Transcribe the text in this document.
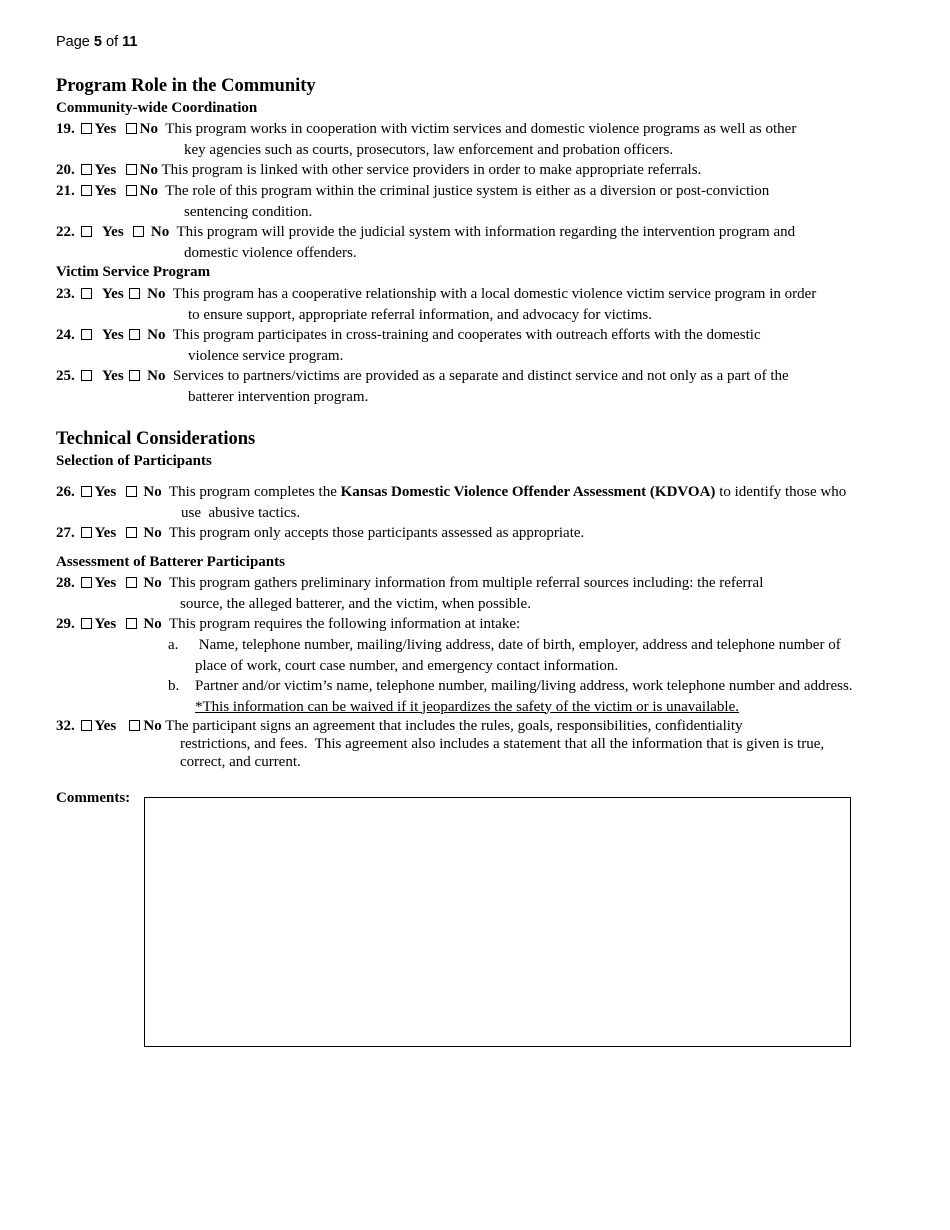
Page 5 of 11
Program Role in the Community
Community-wide Coordination
19. Yes No This program works in cooperation with victim services and domestic violence programs as well as other
key agencies such as courts, prosecutors, law enforcement and probation officers.
20. Yes No This program is linked with other service providers in order to make appropriate referrals.
21. Yes No The role of this program within the criminal justice system is either as a diversion or post-conviction
sentencing condition.
22. Yes No This program will provide the judicial system with information regarding the intervention program and
domestic violence offenders.
Victim Service Program
23. Yes No This program has a cooperative relationship with a local domestic violence victim service program in order
to ensure support, appropriate referral information, and advocacy for victims.
24. Yes No This program participates in cross-training and cooperates with outreach efforts with the domestic
violence service program.
25. Yes No Services to partners/victims are provided as a separate and distinct service and not only as a part of the
batterer intervention program.
Technical Considerations
Selection of Participants
26. Yes No This program completes the Kansas Domestic Violence Offender Assessment (KDVOA) to identify those who
use  abusive tactics.
27. Yes No This program only accepts those participants assessed as appropriate.
Assessment of Batterer Participants
28. Yes No This program gathers preliminary information from multiple referral sources including: the referral
source, the alleged batterer, and the victim, when possible.
29. Yes No This program requires the following information at intake:
a. Name, telephone number, mailing/living address, date of birth, employer, address and telephone number of
place of work, court case number, and emergency contact information.
b. Partner and/or victim’s name, telephone number, mailing/living address, work telephone number and address.
*This information can be waived if it jeopardizes the safety of the victim or is unavailable.
32. Yes No The participant signs an agreement that includes the rules, goals, responsibilities, confidentiality
restrictions, and fees.  This agreement also includes a statement that all the information that is given is true,
correct, and current.
Comments:
